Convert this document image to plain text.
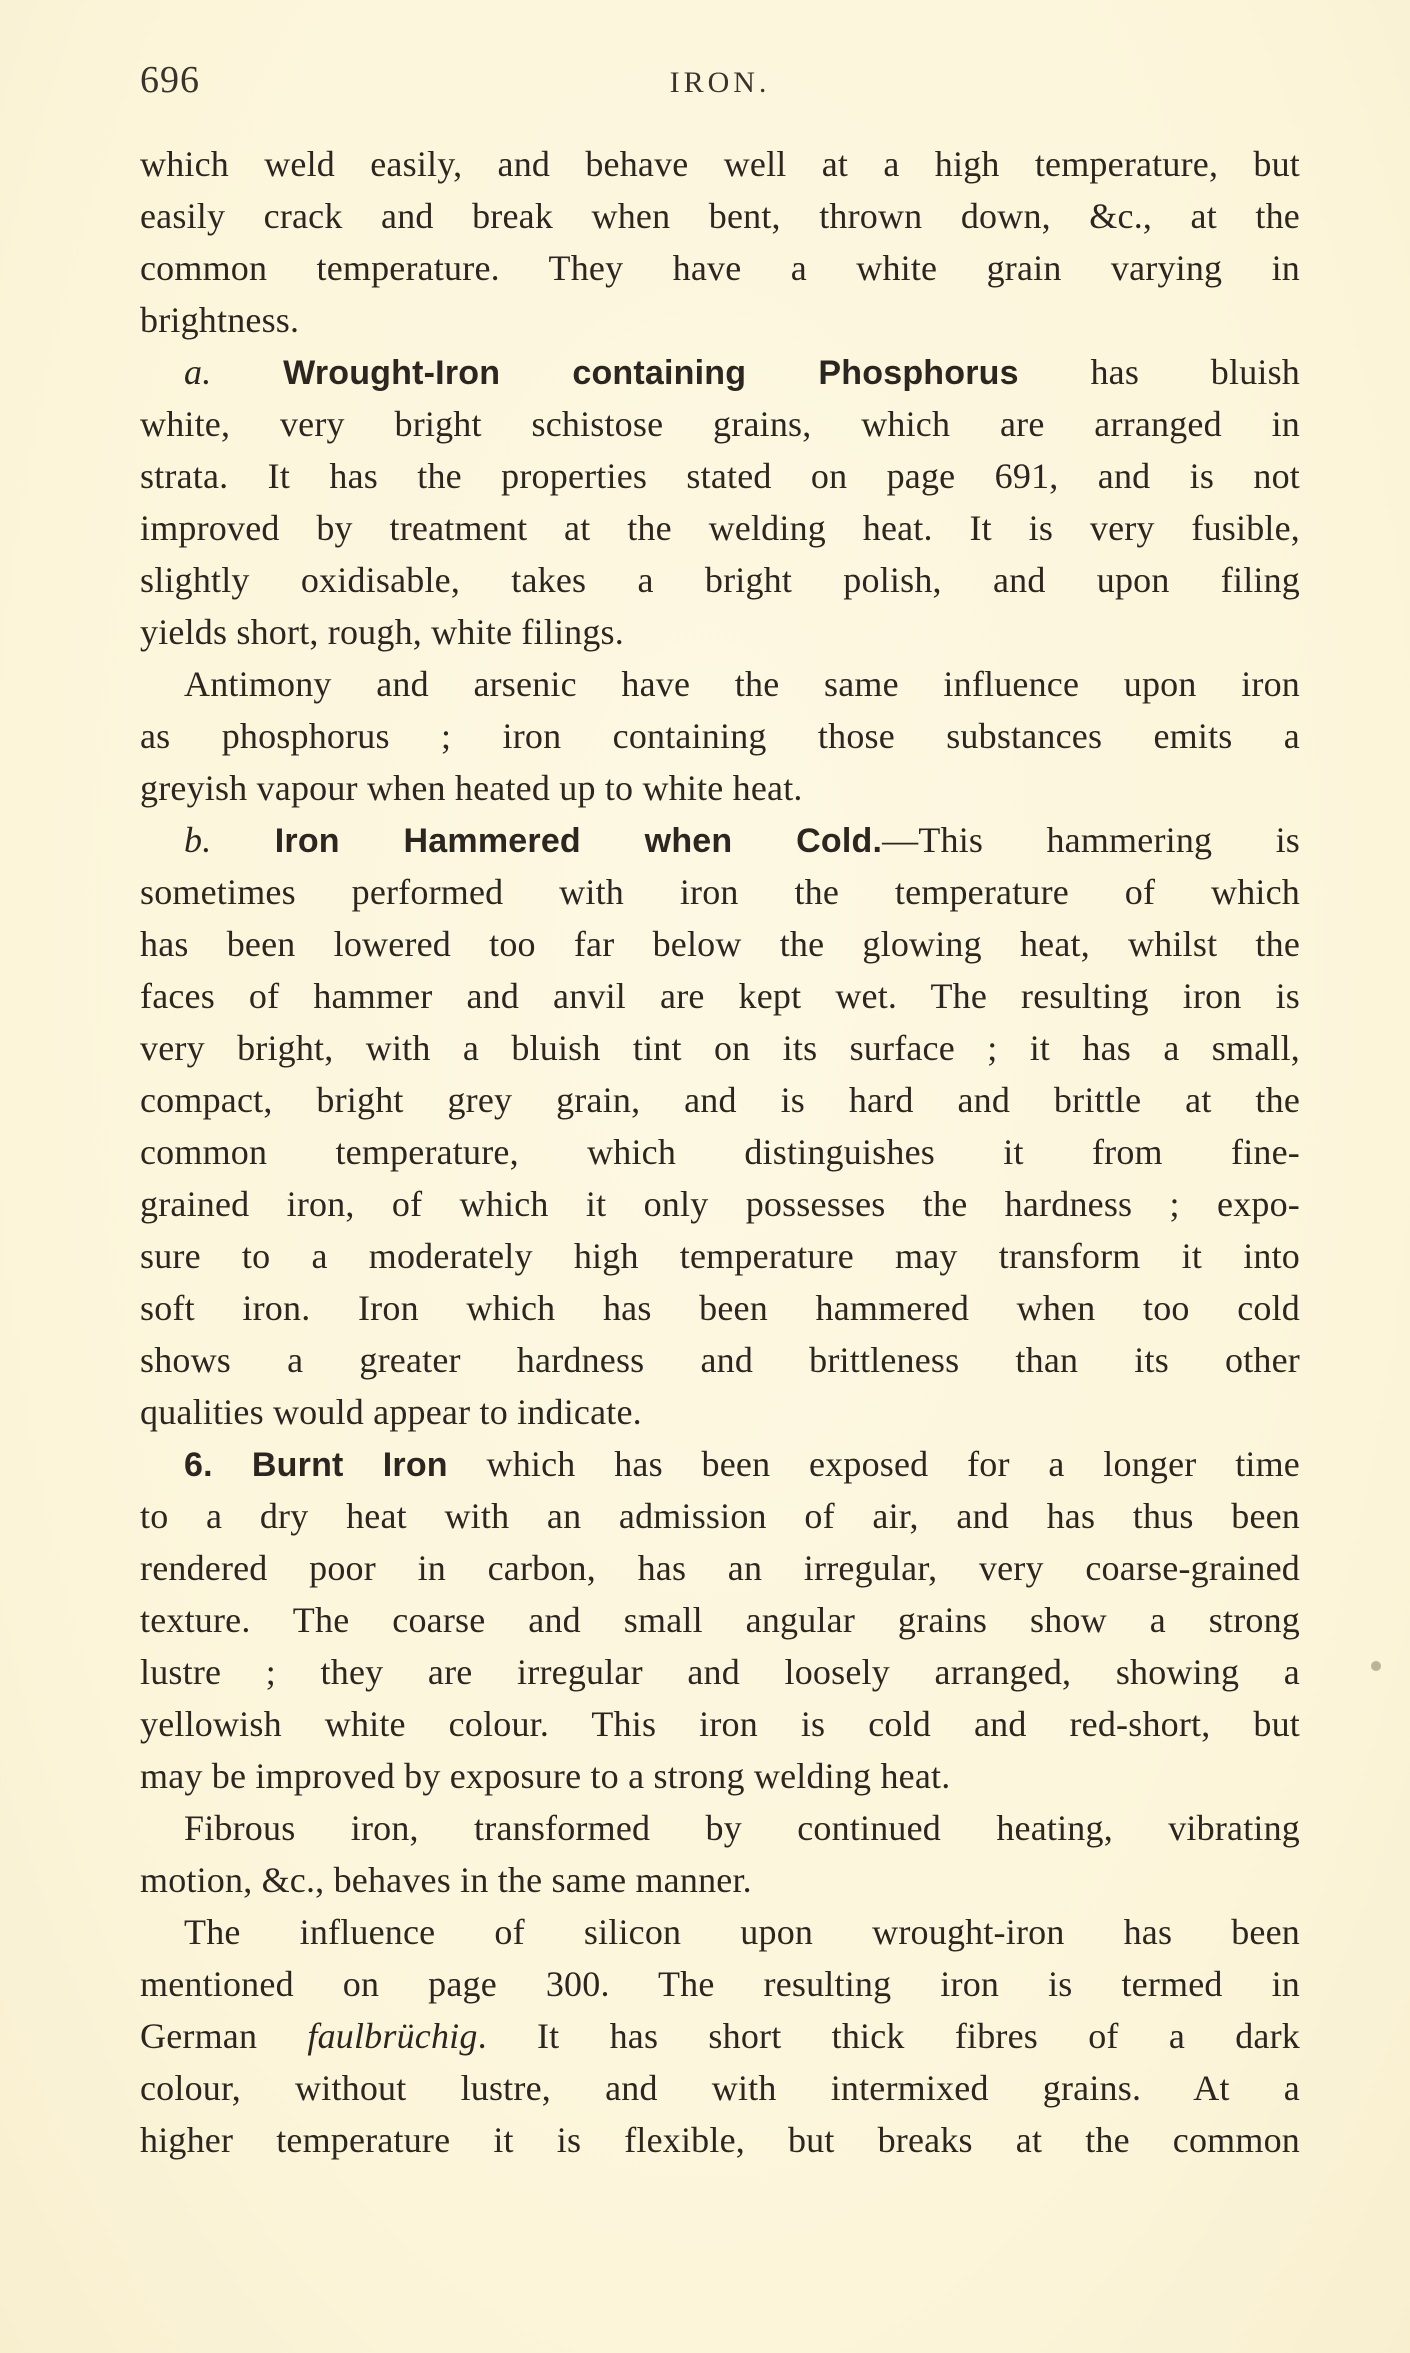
696	IRON.
which weld easily, and behave well at a high temperature, but
easily crack and break when bent, thrown down, &c., at the
common temperature. They have a white grain varying in
brightness.
a. Wrought-Iron containing Phosphorus has bluish
white, very bright schistose grains, which are arranged in
strata. It has the properties stated on page 691, and is not
improved by treatment at the welding heat. It is very fusible,
slightly oxidisable, takes a bright polish, and upon filing
yields short, rough, white filings.
Antimony and arsenic have the same influence upon iron
as phosphorus ; iron containing those substances emits a
greyish vapour when heated up to white heat.
b. Iron Hammered when Cold.—This hammering is
sometimes performed with iron the temperature of which
has been lowered too far below the glowing heat, whilst the
faces of hammer and anvil are kept wet. The resulting iron is
very bright, with a bluish tint on its surface ; it has a small,
compact, bright grey grain, and is hard and brittle at the
common temperature, which distinguishes it from fine-
grained iron, of which it only possesses the hardness ; expo-
sure to a moderately high temperature may transform it into
soft iron. Iron which has been hammered when too cold
shows a greater hardness and brittleness than its other
qualities would appear to indicate.
6. Burnt Iron which has been exposed for a longer time
to a dry heat with an admission of air, and has thus been
rendered poor in carbon, has an irregular, very coarse-grained
texture. The coarse and small angular grains show a strong
lustre ; they are irregular and loosely arranged, showing a
yellowish white colour. This iron is cold and red-short, but
may be improved by exposure to a strong welding heat.
Fibrous iron, transformed by continued heating, vibrating
motion, &c., behaves in the same manner.
The influence of silicon upon wrought-iron has been
mentioned on page 300. The resulting iron is termed in
German faulbrüchig. It has short thick fibres of a dark
colour, without lustre, and with intermixed grains. At a
higher temperature it is flexible, but breaks at the common
